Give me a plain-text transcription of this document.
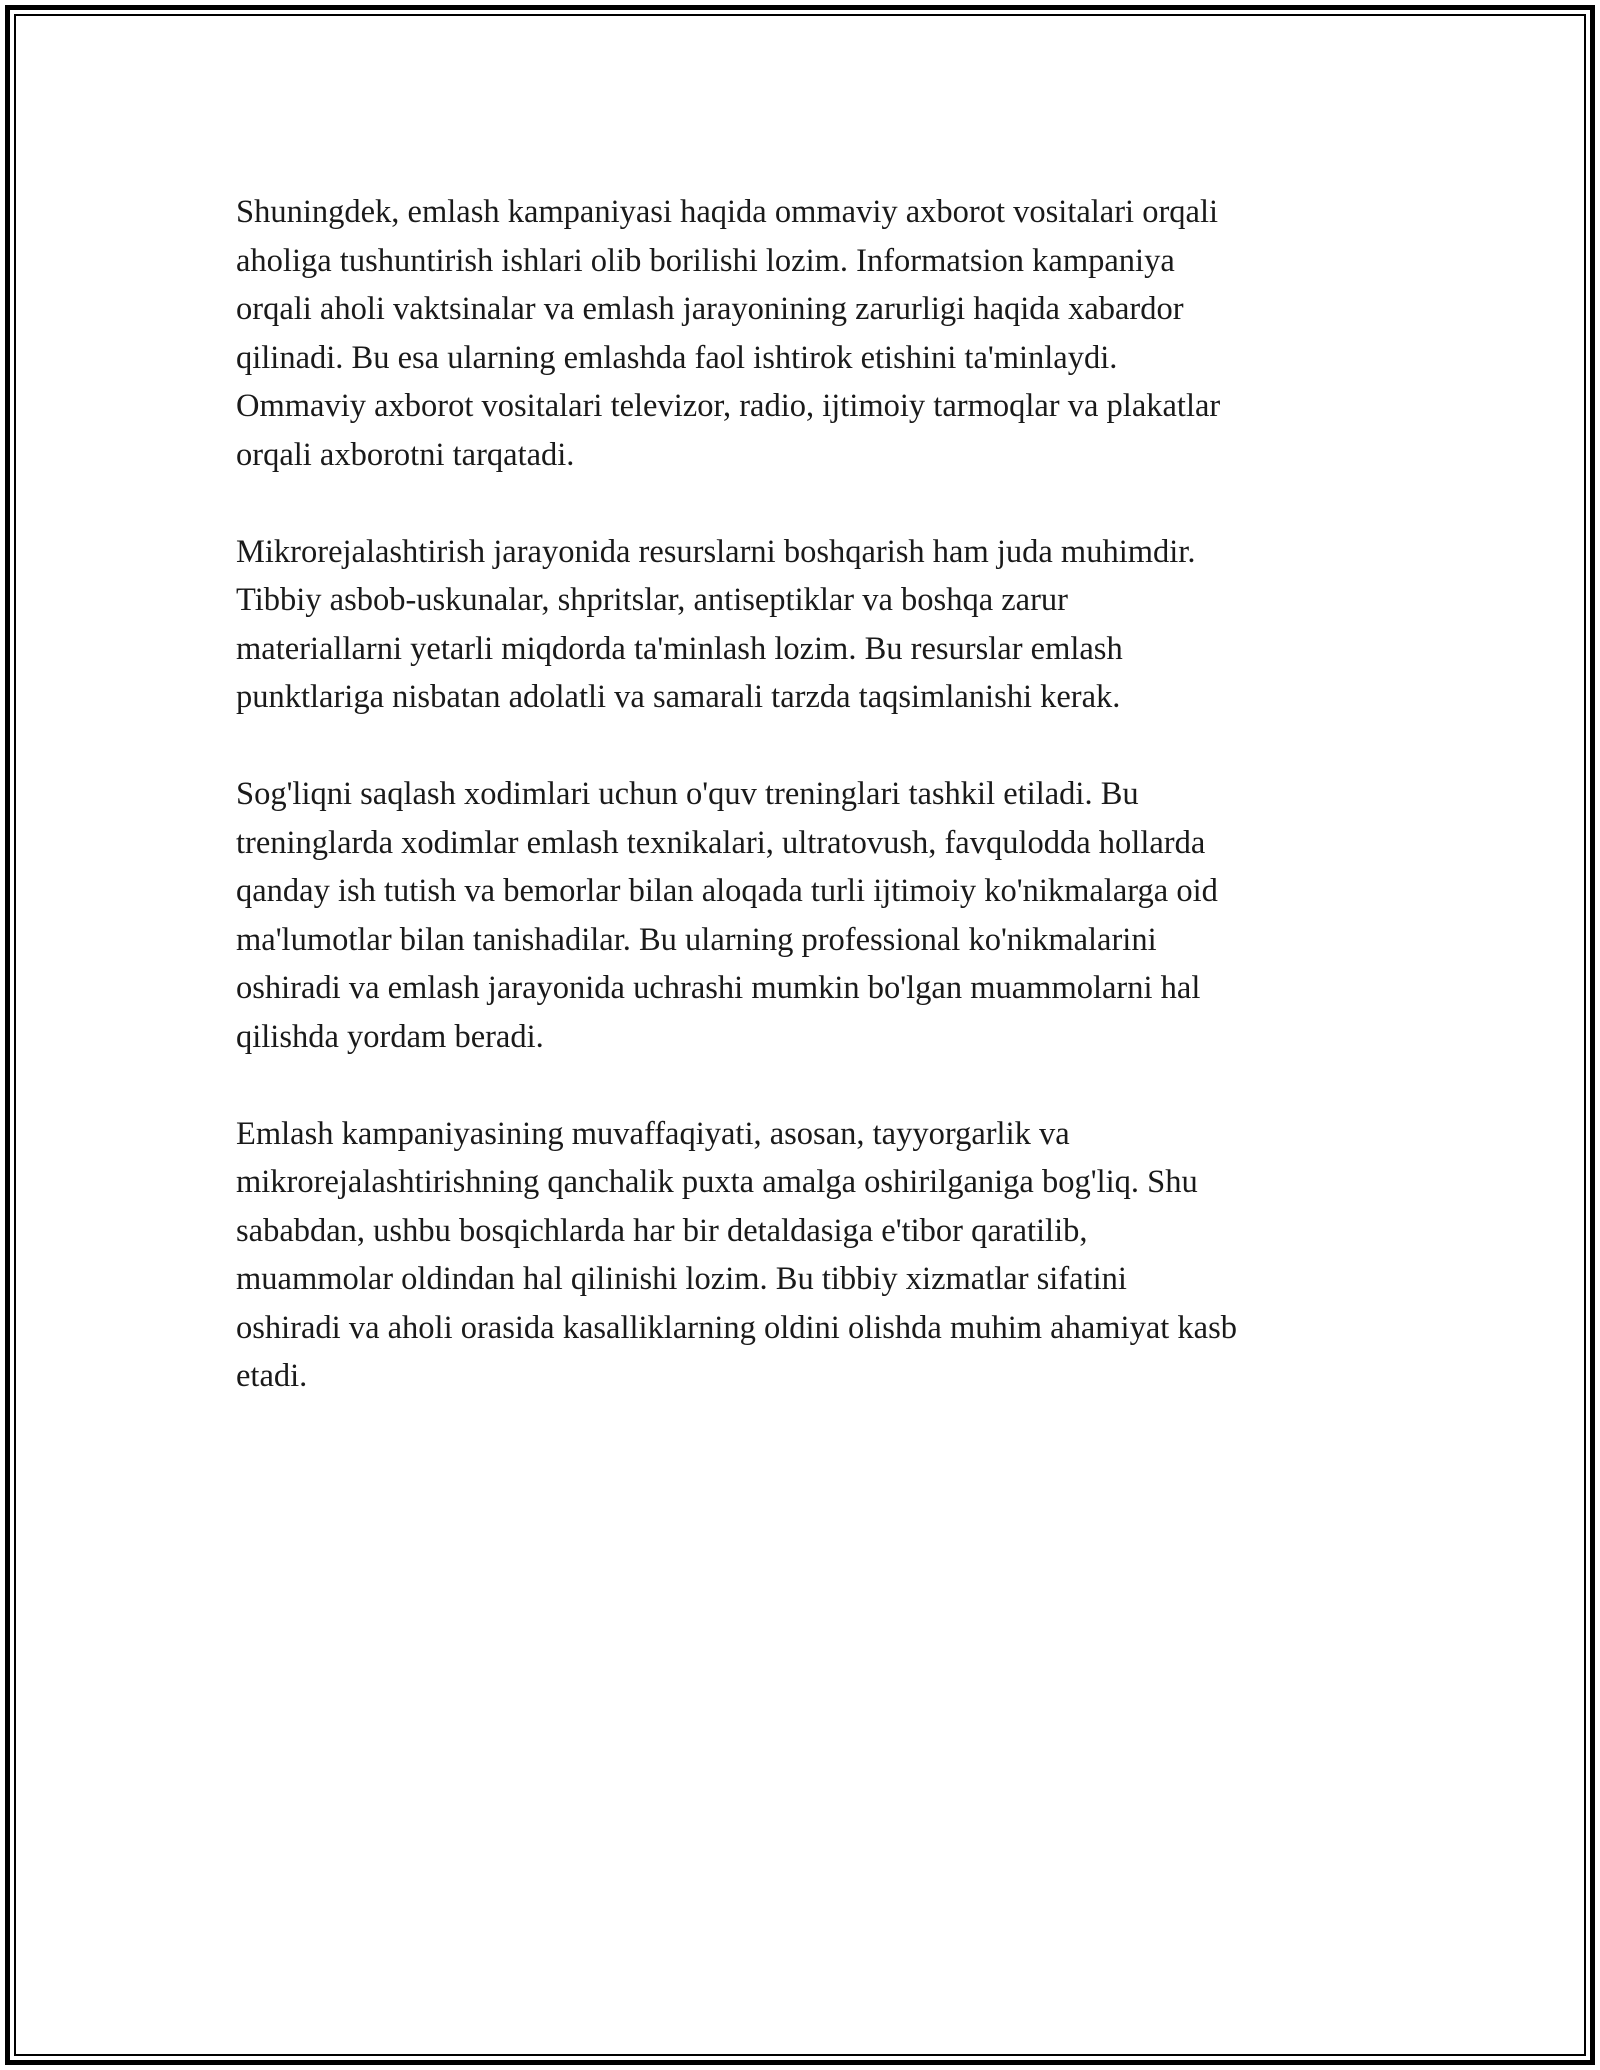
Shuningdek, emlash kampaniyasi haqida ommaviy axborot vositalari orqali
aholiga tushuntirish ishlari olib borilishi lozim. Informatsion kampaniya
orqali aholi vaktsinalar va emlash jarayonining zarurligi haqida xabardor
qilinadi. Bu esa ularning emlashda faol ishtirok etishini ta'minlaydi.
Ommaviy axborot vositalari televizor, radio, ijtimoiy tarmoqlar va plakatlar
orqali axborotni tarqatadi.

Mikrorejalashtirish jarayonida resurslarni boshqarish ham juda muhimdir.
Tibbiy asbob-uskunalar, shpritslar, antiseptiklar va boshqa zarur
materiallarni yetarli miqdorda ta'minlash lozim. Bu resurslar emlash
punktlariga nisbatan adolatli va samarali tarzda taqsimlanishi kerak.

Sog'liqni saqlash xodimlari uchun o'quv treninglari tashkil etiladi. Bu
treninglarda xodimlar emlash texnikalari, ultratovush, favqulodda hollarda
qanday ish tutish va bemorlar bilan aloqada turli ijtimoiy ko'nikmalarga oid
ma'lumotlar bilan tanishadilar. Bu ularning professional ko'nikmalarini
oshiradi va emlash jarayonida uchrashi mumkin bo'lgan muammolarni hal
qilishda yordam beradi.

Emlash kampaniyasining muvaffaqiyati, asosan, tayyorgarlik va
mikrorejalashtirishning qanchalik puxta amalga oshirilganiga bog'liq. Shu
sababdan, ushbu bosqichlarda har bir detaldasiga e'tibor qaratilib,
muammolar oldindan hal qilinishi lozim. Bu tibbiy xizmatlar sifatini
oshiradi va aholi orasida kasalliklarning oldini olishda muhim ahamiyat kasb
etadi.
